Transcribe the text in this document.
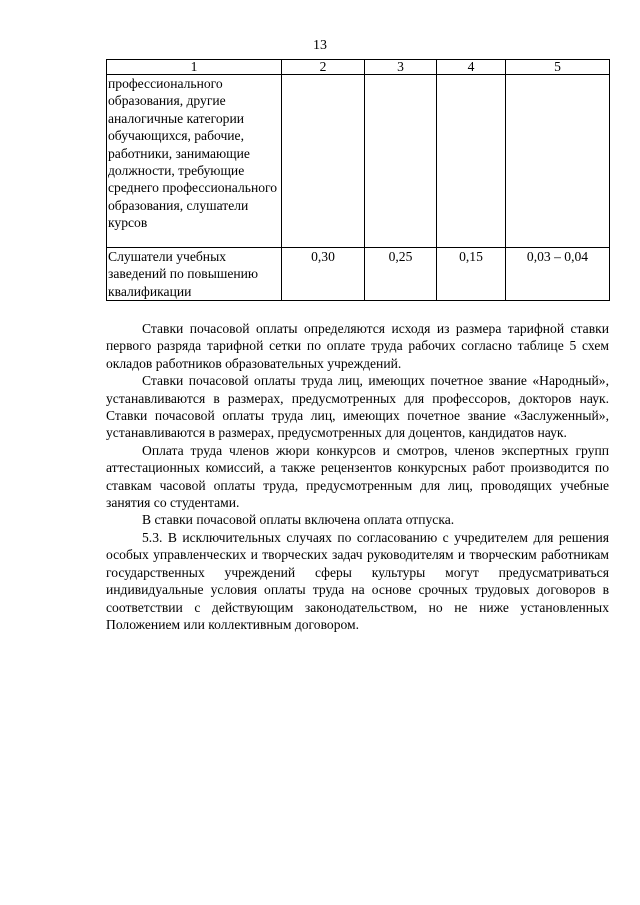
13
1	2	3	4	5
профессионального образования, другие аналогичные категории обучающихся, рабочие, работники, занимающие должности, требующие среднего профессионального образования, слушатели курсов				
Слушатели учебных заведений по повышению квалификации	0,30	0,25	0,15	0,03 – 0,04

Ставки почасовой оплаты определяются исходя из размера тарифной ставки первого разряда тарифной сетки по оплате труда рабочих согласно таблице 5 схем окладов работников образовательных учреждений.

Ставки почасовой оплаты труда лиц, имеющих почетное звание «Народный», устанавливаются в размерах, предусмотренных для профессоров, докторов наук. Ставки почасовой оплаты труда лиц, имеющих почетное звание «Заслуженный», устанавливаются в размерах, предусмотренных для доцентов, кандидатов наук.

Оплата труда членов жюри конкурсов и смотров, членов экспертных групп аттестационных комиссий, а также рецензентов конкурсных работ производится по ставкам часовой оплаты труда, предусмотренным для лиц, проводящих учебные занятия со студентами.

В ставки почасовой оплаты включена оплата отпуска.

5.3. В исключительных случаях по согласованию с учредителем для решения особых управленческих и творческих задач руководителям и творческим работникам государственных учреждений сферы культуры могут предусматриваться индивидуальные условия оплаты труда на основе срочных трудовых договоров в соответствии с действующим законодательством, но не ниже установленных Положением или коллективным договором.
